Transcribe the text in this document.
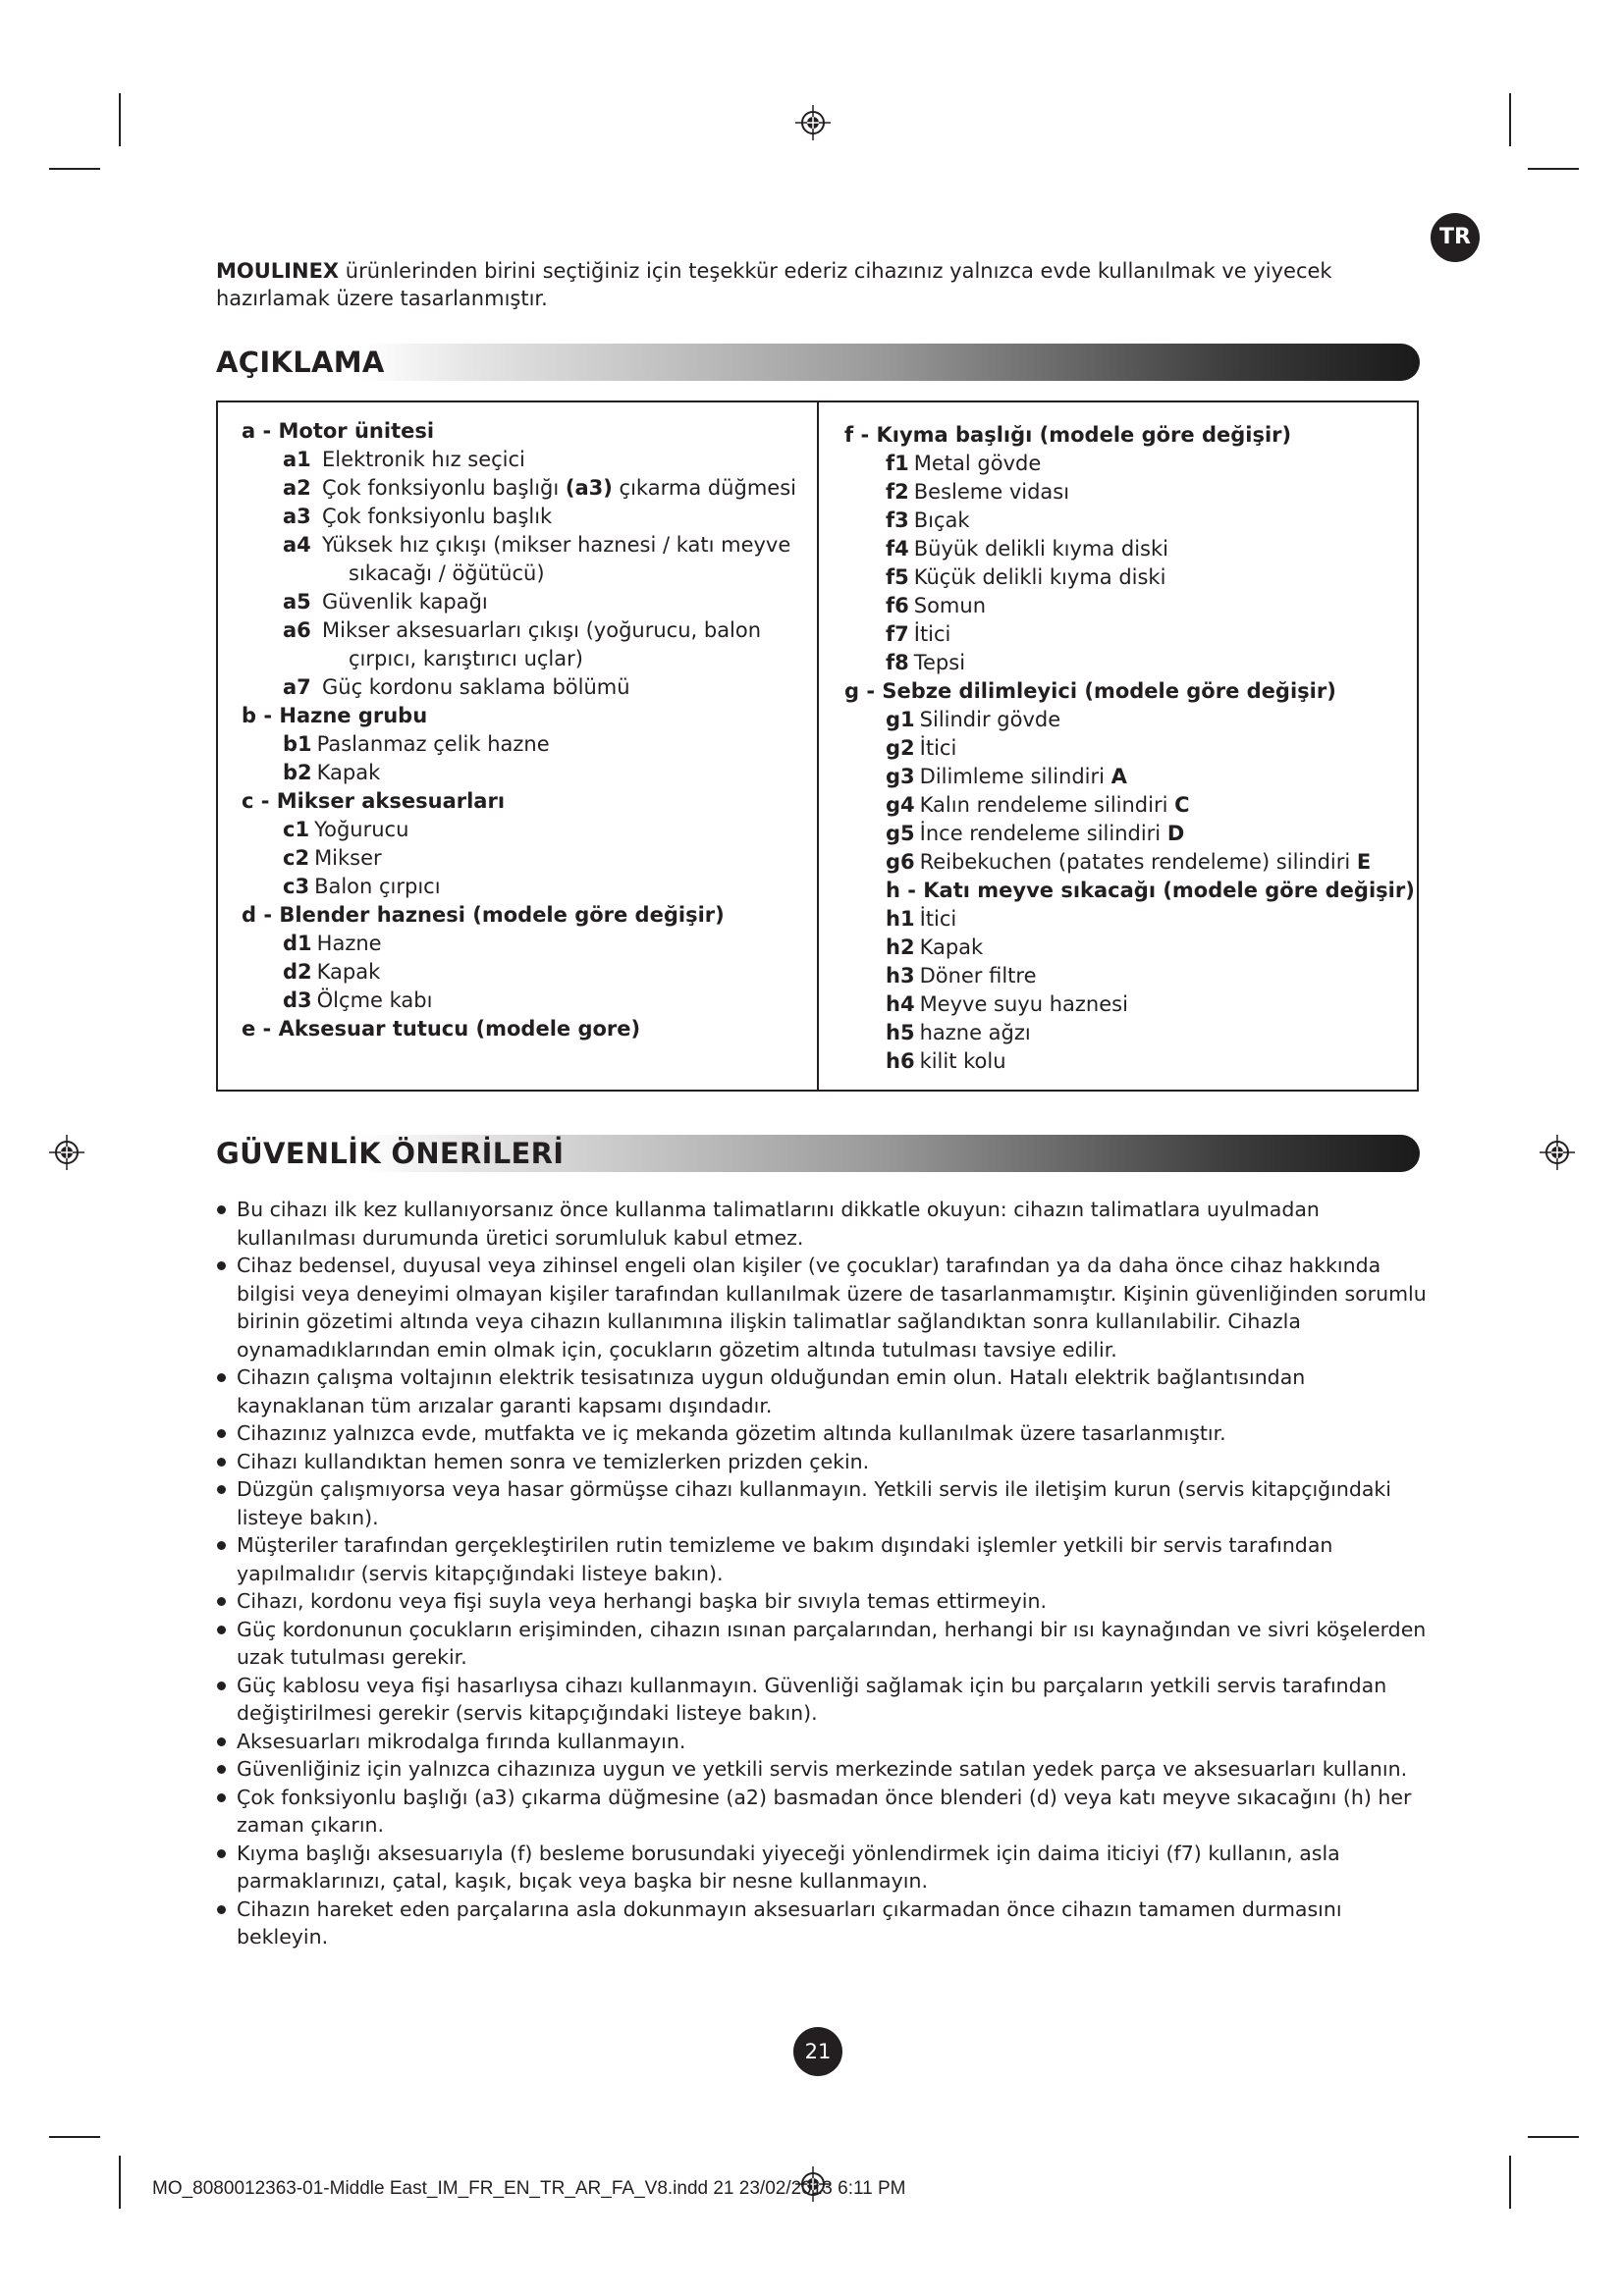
TR
MOULINEX ürünlerinden birini seçtiğiniz için teşekkür ederiz cihazınız yalnızca evde kullanılmak ve yiyecek hazırlamak üzere tasarlanmıştır.
AÇIKLAMA
a - Motor ünitesi
a1 Elektronik hız seçici
a2 Çok fonksiyonlu başlığı (a3) çıkarma düğmesi
a3 Çok fonksiyonlu başlık
a4 Yüksek hız çıkışı (mikser haznesi / katı meyve
sıkacağı / öğütücü)
a5 Güvenlik kapağı
a6 Mikser aksesuarları çıkışı (yoğurucu, balon
çırpıcı, karıştırıcı uçlar)
a7 Güç kordonu saklama bölümü
b - Hazne grubu
b1 Paslanmaz çelik hazne
b2 Kapak
c - Mikser aksesuarları
c1 Yoğurucu
c2 Mikser
c3 Balon çırpıcı
d - Blender haznesi (modele göre değişir)
d1 Hazne
d2 Kapak
d3 Ölçme kabı
e - Aksesuar tutucu (modele gore)
f - Kıyma başlığı (modele göre değişir)
f1 Metal gövde
f2 Besleme vidası
f3 Bıçak
f4 Büyük delikli kıyma diski
f5 Küçük delikli kıyma diski
f6 Somun
f7 İtici
f8 Tepsi
g - Sebze dilimleyici (modele göre değişir)
g1 Silindir gövde
g2 İtici
g3 Dilimleme silindiri A
g4 Kalın rendeleme silindiri C
g5 İnce rendeleme silindiri D
g6 Reibekuchen (patates rendeleme) silindiri E
h - Katı meyve sıkacağı (modele göre değişir)
h1 İtici
h2 Kapak
h3 Döner filtre
h4 Meyve suyu haznesi
h5 hazne ağzı
h6 kilit kolu
GÜVENLİK ÖNERİLERİ
Bu cihazı ilk kez kullanıyorsanız önce kullanma talimatlarını dikkatle okuyun: cihazın talimatlara uyulmadan kullanılması durumunda üretici sorumluluk kabul etmez.
Cihaz bedensel, duyusal veya zihinsel engeli olan kişiler (ve çocuklar) tarafından ya da daha önce cihaz hakkında bilgisi veya deneyimi olmayan kişiler tarafından kullanılmak üzere de tasarlanmamıştır. Kişinin güvenliğinden sorumlu birinin gözetimi altında veya cihazın kullanımına ilişkin talimatlar sağlandıktan sonra kullanılabilir. Cihazla oynamadıklarından emin olmak için, çocukların gözetim altında tutulması tavsiye edilir.
Cihazın çalışma voltajının elektrik tesisatınıza uygun olduğundan emin olun. Hatalı elektrik bağlantısından kaynaklanan tüm arızalar garanti kapsamı dışındadır.
Cihazınız yalnızca evde, mutfakta ve iç mekanda gözetim altında kullanılmak üzere tasarlanmıştır.
Cihazı kullandıktan hemen sonra ve temizlerken prizden çekin.
Düzgün çalışmıyorsa veya hasar görmüşse cihazı kullanmayın. Yetkili servis ile iletişim kurun (servis kitapçığındaki listeye bakın).
Müşteriler tarafından gerçekleştirilen rutin temizleme ve bakım dışındaki işlemler yetkili bir servis tarafından yapılmalıdır (servis kitapçığındaki listeye bakın).
Cihazı, kordonu veya fişi suyla veya herhangi başka bir sıvıyla temas ettirmeyin.
Güç kordonunun çocukların erişiminden, cihazın ısınan parçalarından, herhangi bir ısı kaynağından ve sivri köşelerden uzak tutulması gerekir.
Güç kablosu veya fişi hasarlıysa cihazı kullanmayın. Güvenliği sağlamak için bu parçaların yetkili servis tarafından değiştirilmesi gerekir (servis kitapçığındaki listeye bakın).
Aksesuarları mikrodalga fırında kullanmayın.
Güvenliğiniz için yalnızca cihazınıza uygun ve yetkili servis merkezinde satılan yedek parça ve aksesuarları kullanın.
Çok fonksiyonlu başlığı (a3) çıkarma düğmesine (a2) basmadan önce blenderi (d) veya katı meyve sıkacağını (h) her zaman çıkarın.
Kıyma başlığı aksesuarıyla (f) besleme borusundaki yiyeceği yönlendirmek için daima iticiyi (f7) kullanın, asla parmaklarınızı, çatal, kaşık, bıçak veya başka bir nesne kullanmayın.
Cihazın hareket eden parçalarına asla dokunmayın aksesuarları çıkarmadan önce cihazın tamamen durmasını bekleyin.
21
MO_8080012363-01-Middle East_IM_FR_EN_TR_AR_FA_V8.indd 21 23/02/2013 6:11 PM
